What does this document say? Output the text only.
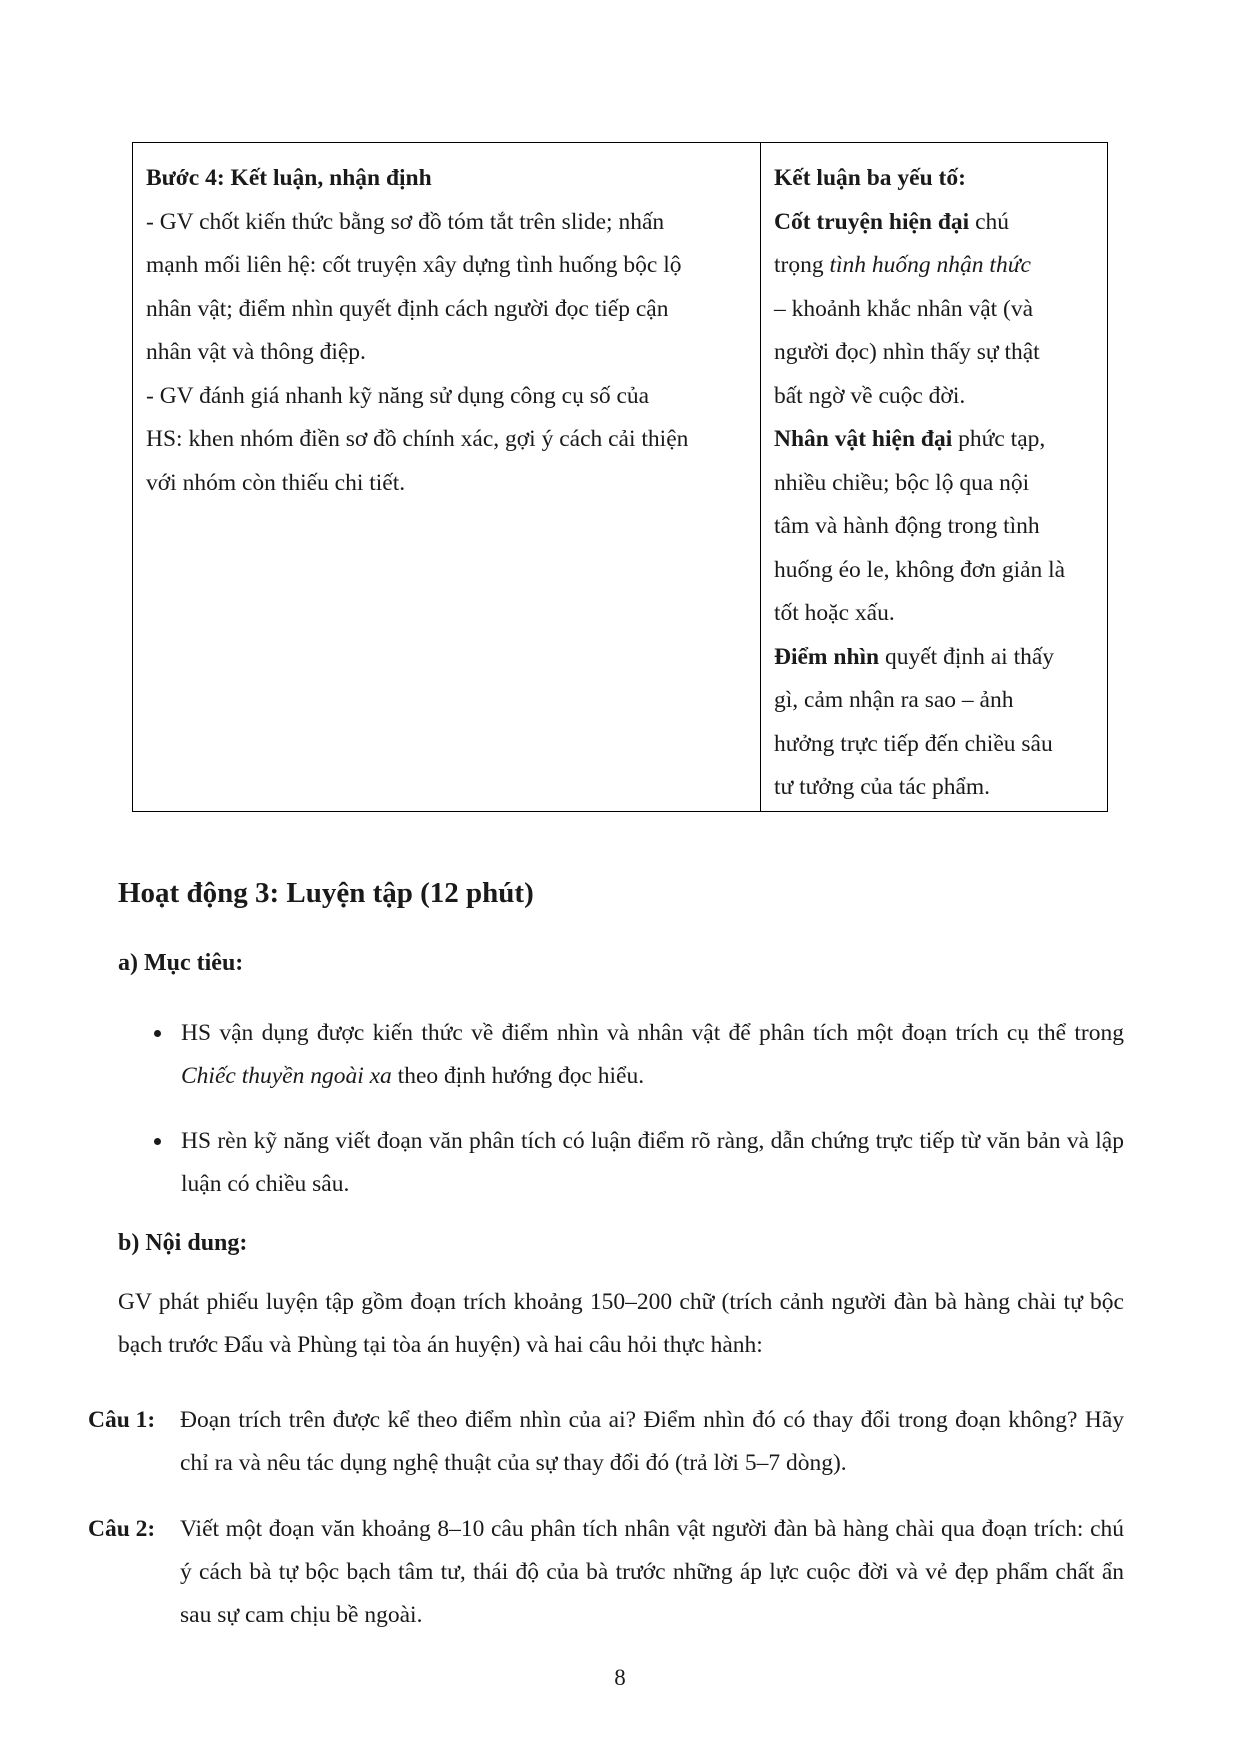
Bước 4: Kết luận, nhận định
- GV chốt kiến thức bằng sơ đồ tóm tắt trên slide; nhấn
mạnh mối liên hệ: cốt truyện xây dựng tình huống bộc lộ
nhân vật; điểm nhìn quyết định cách người đọc tiếp cận
nhân vật và thông điệp.
- GV đánh giá nhanh kỹ năng sử dụng công cụ số của
HS: khen nhóm điền sơ đồ chính xác, gợi ý cách cải thiện
với nhóm còn thiếu chi tiết.
Kết luận ba yếu tố:
Cốt truyện hiện đại chú
trọng tình huống nhận thức
– khoảnh khắc nhân vật (và
người đọc) nhìn thấy sự thật
bất ngờ về cuộc đời.
Nhân vật hiện đại phức tạp,
nhiều chiều; bộc lộ qua nội
tâm và hành động trong tình
huống éo le, không đơn giản là
tốt hoặc xấu.
Điểm nhìn quyết định ai thấy
gì, cảm nhận ra sao – ảnh
hưởng trực tiếp đến chiều sâu
tư tưởng của tác phẩm.
Hoạt động 3: Luyện tập (12 phút)
a) Mục tiêu:
HS vận dụng được kiến thức về điểm nhìn và nhân vật để phân tích một đoạn trích cụ thể trong Chiếc thuyền ngoài xa theo định hướng đọc hiểu.
HS rèn kỹ năng viết đoạn văn phân tích có luận điểm rõ ràng, dẫn chứng trực tiếp từ văn bản và lập luận có chiều sâu.
b) Nội dung:

GV phát phiếu luyện tập gồm đoạn trích khoảng 150–200 chữ (trích cảnh người đàn bà hàng chài tự bộc bạch trước Đẩu và Phùng tại tòa án huyện) và hai câu hỏi thực hành:

Câu 1:	Đoạn trích trên được kể theo điểm nhìn của ai? Điểm nhìn đó có thay đổi trong đoạn không? Hãy chỉ ra và nêu tác dụng nghệ thuật của sự thay đổi đó (trả lời 5–7 dòng).
Câu 2:	Viết một đoạn văn khoảng 8–10 câu phân tích nhân vật người đàn bà hàng chài qua đoạn trích: chú ý cách bà tự bộc bạch tâm tư, thái độ của bà trước những áp lực cuộc đời và vẻ đẹp phẩm chất ẩn sau sự cam chịu bề ngoài.
8
